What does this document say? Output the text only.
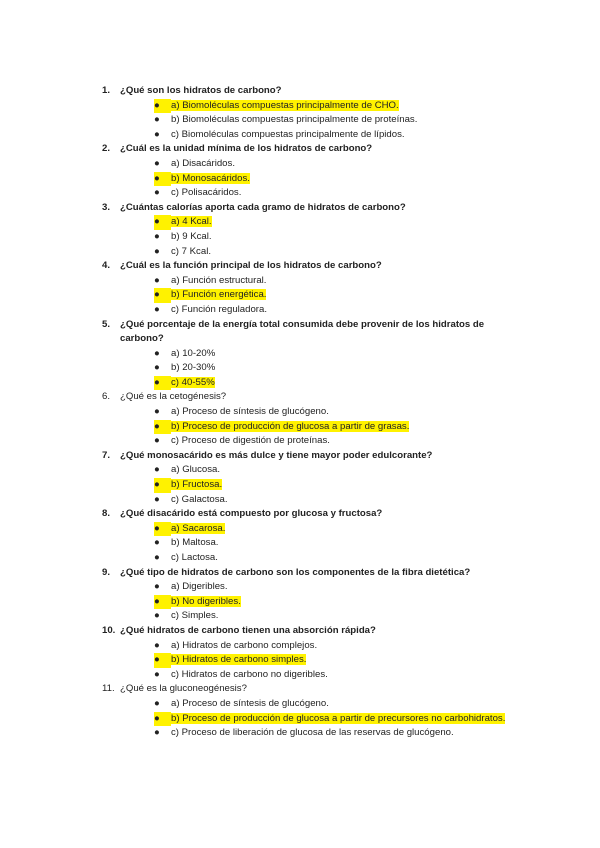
1.	¿Qué son los hidratos de carbono?
●	a) Biomoléculas compuestas principalmente de CHO.
●	b) Biomoléculas compuestas principalmente de proteínas.
●	c) Biomoléculas compuestas principalmente de lípidos.
2.	¿Cuál es la unidad mínima de los hidratos de carbono?
●	a) Disacáridos.
●	b) Monosacáridos.
●	c) Polisacáridos.
3.	¿Cuántas calorías aporta cada gramo de hidratos de carbono?
●	a) 4 Kcal.
●	b) 9 Kcal.
●	c) 7 Kcal.
4.	¿Cuál es la función principal de los hidratos de carbono?
●	a) Función estructural.
●	b) Función energética.
●	c) Función reguladora.
5.	¿Qué porcentaje de la energía total consumida debe provenir de los hidratos de carbono?
●	a) 10-20%
●	b) 20-30%
●	c) 40-55%
6.	¿Qué es la cetogénesis?
●	a) Proceso de síntesis de glucógeno.
●	b) Proceso de producción de glucosa a partir de grasas.
●	c) Proceso de digestión de proteínas.
7.	¿Qué monosacárido es más dulce y tiene mayor poder edulcorante?
●	a) Glucosa.
●	b) Fructosa.
●	c) Galactosa.
8.	¿Qué disacárido está compuesto por glucosa y fructosa?
●	a) Sacarosa.
●	b) Maltosa.
●	c) Lactosa.
9.	¿Qué tipo de hidratos de carbono son los componentes de la fibra dietética?
●	a) Digeribles.
●	b) No digeribles.
●	c) Simples.
10. ¿Qué hidratos de carbono tienen una absorción rápida?
●	a) Hidratos de carbono complejos.
●	b) Hidratos de carbono simples.
●	c) Hidratos de carbono no digeribles.
11. ¿Qué es la gluconeogénesis?
●	a) Proceso de síntesis de glucógeno.
●	b) Proceso de producción de glucosa a partir de precursores no carbohidratos.
●	c) Proceso de liberación de glucosa de las reservas de glucógeno.
